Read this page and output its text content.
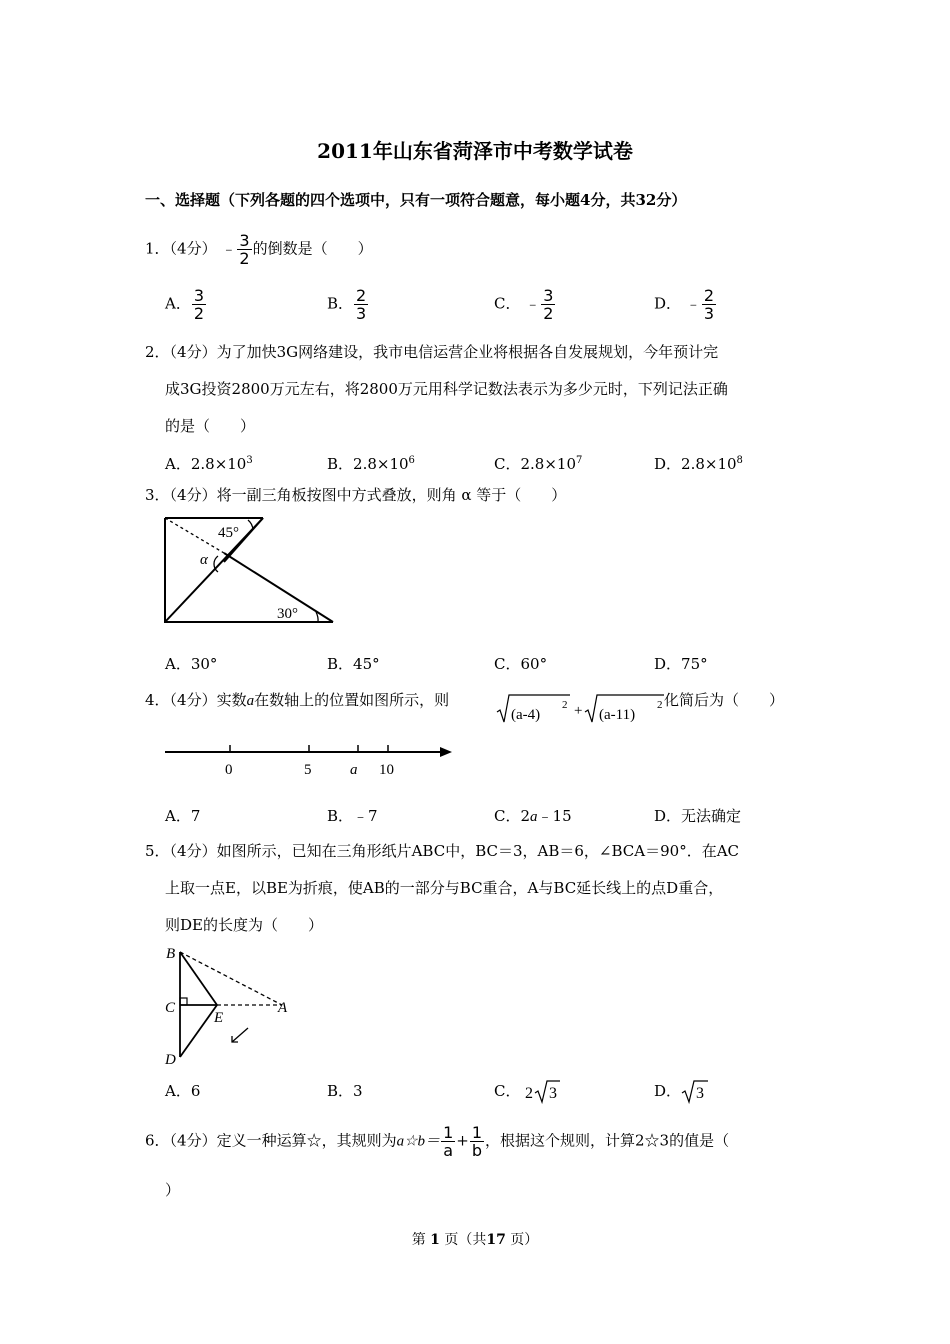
2011年山东省菏泽市中考数学试卷
一、选择题（下列各题的四个选项中，只有一项符合题意，每小题4分，共32分）
1．（4分） ﹣ $\frac{3}{2}$ 的倒数是（　　）
A． $\frac{3}{2}$	B． $\frac{2}{3}$	C． ﹣ $\frac{3}{2}$	D． ﹣ $\frac{2}{3}$
2．（4分）为了加快3G网络建设，我市电信运营企业将根据各自发展规划，今年预计完
成3G投资2800万元左右，将2800万元用科学记数法表示为多少元时，下列记法正确
的是（　　）
A．$2.8\times 10^3$	B．$2.8\times 10^6$	C．$2.8\times 10^7$	D．$2.8\times 10^8$
3．（4分）将一副三角板按图中方式叠放，则角 α 等于（　　）
45°
α
30°
A．30°	B．45°	C．60°	D．75°
4．（4分）实数a在数轴上的位置如图所示，则
(a-4)
2 + (a-11)
2 化简后为（　　）
0	5	a 10
A．7	B．﹣7	C．2a﹣15	D．无法确定
5．（4分）如图所示，已知在三角形纸片ABC中，BC＝3，AB＝6，∠BCA＝90°．在AC
上取一点E，以BE为折痕，使AB的一部分与BC重合，A与BC延长线上的点D重合，
则DE的长度为（　　）
B
C
E
A
D
A．6	B．3	C． 2 3	D． 3
6．（4分）定义一种运算☆，其规则为a☆b＝ $\frac{1}{a} + \frac{1}{b}$ ，根据这个规则，计算2☆3的值是（
）
第 1 页（共17 页）
